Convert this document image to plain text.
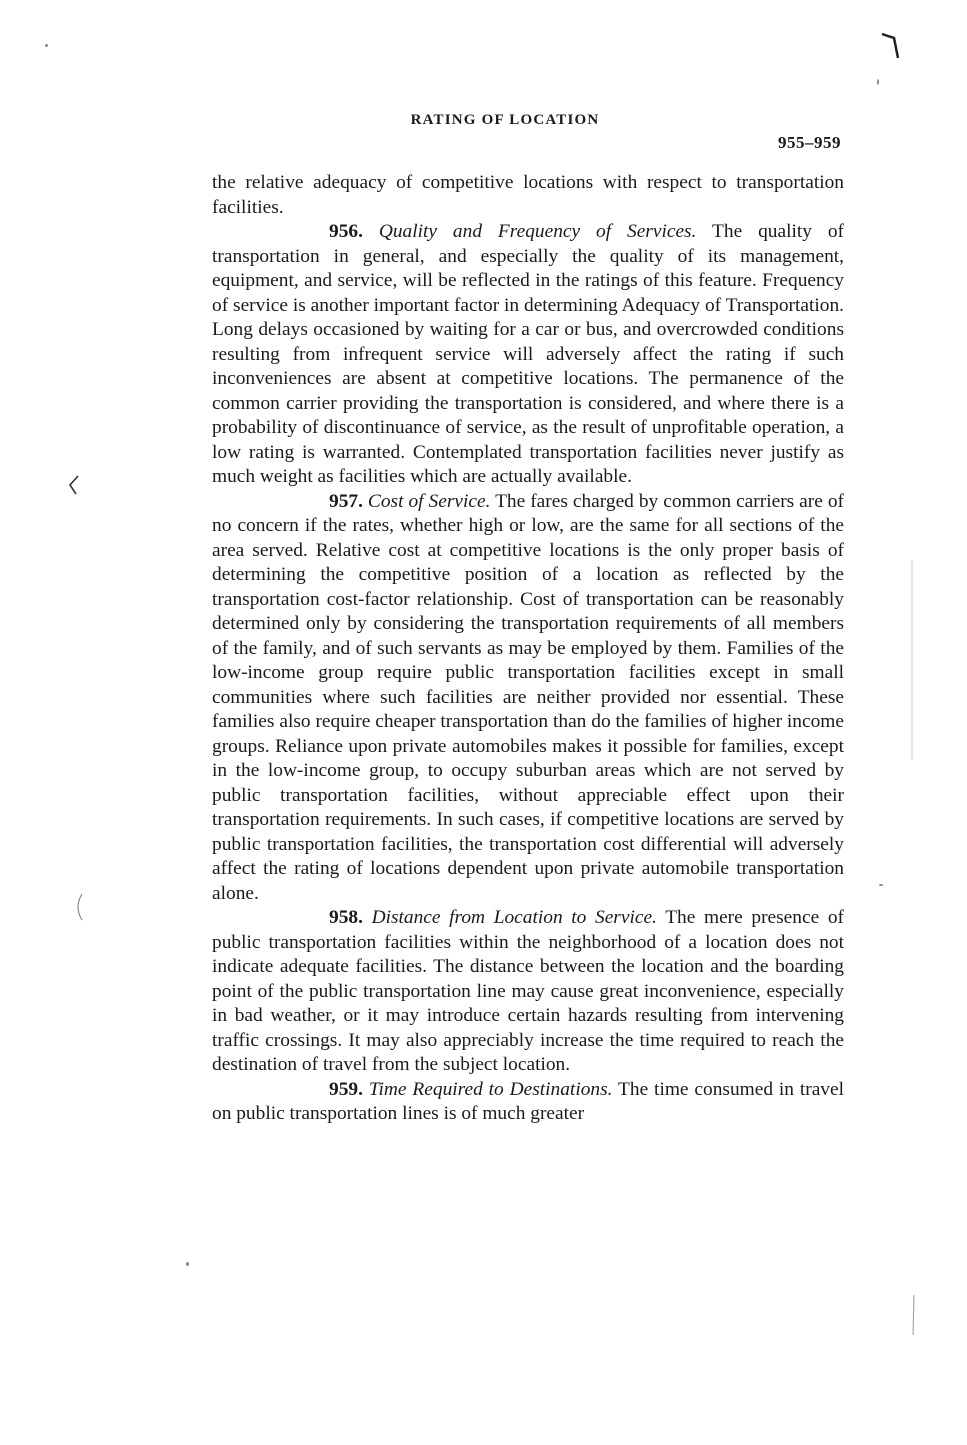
RATING OF LOCATION
955–959

the relative adequacy of competitive locations with respect to transportation facilities.

956. Quality and Frequency of Services. The quality of transportation in general, and especially the quality of its management, equipment, and service, will be reflected in the ratings of this feature. Frequency of service is another important factor in determining Adequacy of Transportation. Long delays occasioned by waiting for a car or bus, and overcrowded conditions resulting from infrequent service will adversely affect the rating if such inconveniences are absent at competitive locations. The permanence of the common carrier providing the transportation is considered, and where there is a probability of discontinuance of service, as the result of unprofitable operation, a low rating is warranted. Contemplated transportation facilities never justify as much weight as facilities which are actually available.

957. Cost of Service. The fares charged by common carriers are of no concern if the rates, whether high or low, are the same for all sections of the area served. Relative cost at competitive locations is the only proper basis of determining the competitive position of a location as reflected by the transportation cost-factor relationship. Cost of transportation can be reasonably determined only by considering the transportation requirements of all members of the family, and of such servants as may be employed by them. Families of the low-income group require public transportation facilities except in small communities where such facilities are neither provided nor essential. These families also require cheaper transportation than do the families of higher income groups. Reliance upon private automobiles makes it possible for families, except in the low-income group, to occupy suburban areas which are not served by public transportation facilities, without appreciable effect upon their transportation requirements. In such cases, if competitive locations are served by public transportation facilities, the transportation cost differential will adversely affect the rating of locations dependent upon private automobile transportation alone.

958. Distance from Location to Service. The mere presence of public transportation facilities within the neighborhood of a location does not indicate adequate facilities. The distance between the location and the boarding point of the public transportation line may cause great inconvenience, especially in bad weather, or it may introduce certain hazards resulting from intervening traffic crossings. It may also appreciably increase the time required to reach the destination of travel from the subject location.

959. Time Required to Destinations. The time consumed in travel on public transportation lines is of much greater
